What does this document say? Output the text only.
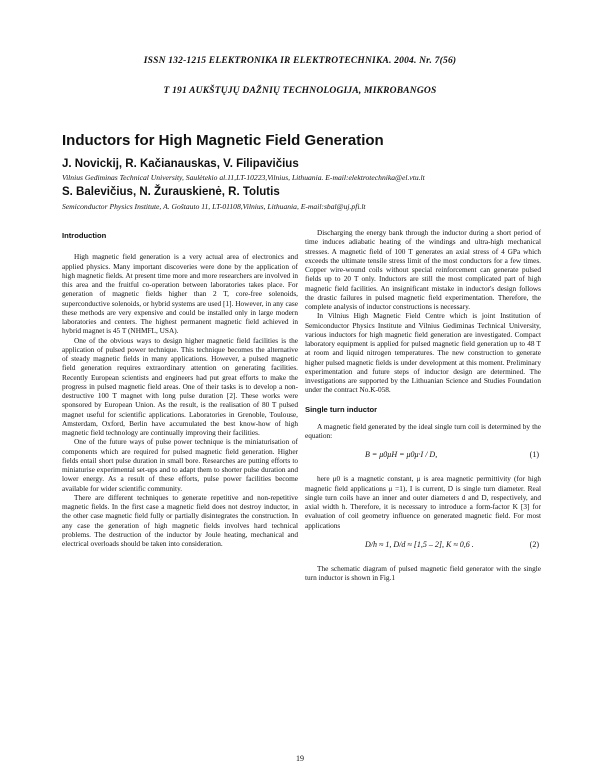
ISSN 132-1215 ELEKTRONIKA IR ELEKTROTECHNIKA. 2004. Nr. 7(56)
T 191 AUKŠTŲJŲ DAŽNIŲ TECHNOLOGIJA, MIKROBANGOS
Inductors for High Magnetic Field Generation
J. Novickij, R. Kačianauskas, V. Filipavičius
Vilnius Gediminas Technical University, Saulėtekio al.11,LT-10223,Vilnius, Lithuania. E-mail:elektrotechnika@el.vtu.lt
S. Balevičius, N. Žurauskienė, R. Tolutis
Semiconductor Physics Institute, A. Goštauto 11, LT-01108,Vilnius, Lithuania, E-mail:sbal@uj.pfi.lt
Introduction

High magnetic field generation is a very actual area of electronics and applied physics. Many important discoveries were done by the application of high magnetic fields. At present time more and more researchers are involved in this area and the fruitful co-operation between laboratories takes place. For generation of magnetic fields higher than 2 T, core-free solenoids, superconductive solenoids, or hybrid systems are used [1]. However, in any case these methods are very expensive and could be installed only in large modern laboratories and centers. The highest permanent magnetic field achieved in hybrid magnet is 45 T (NHMFL, USA).

One of the obvious ways to design higher magnetic field facilities is the application of pulsed power technique. This technique becomes the alternative of steady magnetic fields in many applications. However, a pulsed magnetic field generation requires extraordinary attention on generating facilities. Recently European scientists and engineers had put great efforts to make the progress in pulsed magnetic field areas. One of their tasks is to develop a non-destructive 100 T magnet with long pulse duration [2]. These works were sponsored by European Union. As the result, is the realisation of 80 T pulsed magnet useful for scientific applications. Laboratories in Grenoble, Toulouse, Amsterdam, Oxford, Berlin have accumulated the best know-how of high magnetic field technology are continually improving their facilities.

One of the future ways of pulse power technique is the miniaturisation of components which are required for pulsed magnetic field generation. Higher fields entail short pulse duration in small bore. Researches are putting efforts to miniaturise experimental set-ups and to adapt them to shorter pulse duration and lower energy. As a result of these efforts, pulse power facilities become available for wider scientific community.

There are different techniques to generate repetitive and non-repetitive magnetic fields. In the first case a magnetic field does not destroy inductor, in the other case magnetic field fully or partially disintegrates the construction. In any case the generation of high magnetic fields involves hard technical problems. The destruction of the inductor by Joule heating, mechanical and electrical overloads should be taken into consideration.

Discharging the energy bank through the inductor during a short period of time induces adiabatic heating of the windings and ultra-high mechanical stresses. A magnetic field of 100 T generates an axial stress of 4 GPa which exceeds the ultimate tensile stress limit of the most conductors for a few times. Copper wire-wound coils without special reinforcement can generate pulsed fields up to 20 T only. Inductors are still the most complicated part of high magnetic field facilities. An insignificant mistake in inductor's design follows the drastic failures in pulsed magnetic field experimentation. Therefore, the complete analysis of inductor constructions is necessary.

In Vilnius High Magnetic Field Centre which is joint Institution of Semiconductor Physics Institute and Vilnius Gediminas Technical University, various inductors for high magnetic field generation are investigated. Compact laboratory equipment is applied for pulsed magnetic field generation up to 48 T at room and liquid nitrogen temperatures. The new construction to generate higher pulsed magnetic fields is under development at this moment. Preliminary experimentation and future steps of inductor design are determined. The investigations are supported by the Lithuanian Science and Studies Foundation under the contract No.K-058.

Single turn inductor

A magnetic field generated by the ideal single turn coil is determined by the equation:

B = μ0μH = μ0μ·I / D,	(1)

here μ0 is a magnetic constant, μ is area magnetic permittivity (for high magnetic field applications μ =1), I is current, D is single turn diameter. Real single turn coils have an inner and outer diameters d and D, respectively, and axial width h. Therefore, it is necessary to introduce a form-factor K [3] for evaluation of coil geometry influence on generated magnetic field. For most applications

D/h ≈ 1, D/d ≈ [1,5 – 2], K ≈ 0,6 .	(2)

The schematic diagram of pulsed magnetic field generator with the single turn inductor is shown in Fig.1

19
